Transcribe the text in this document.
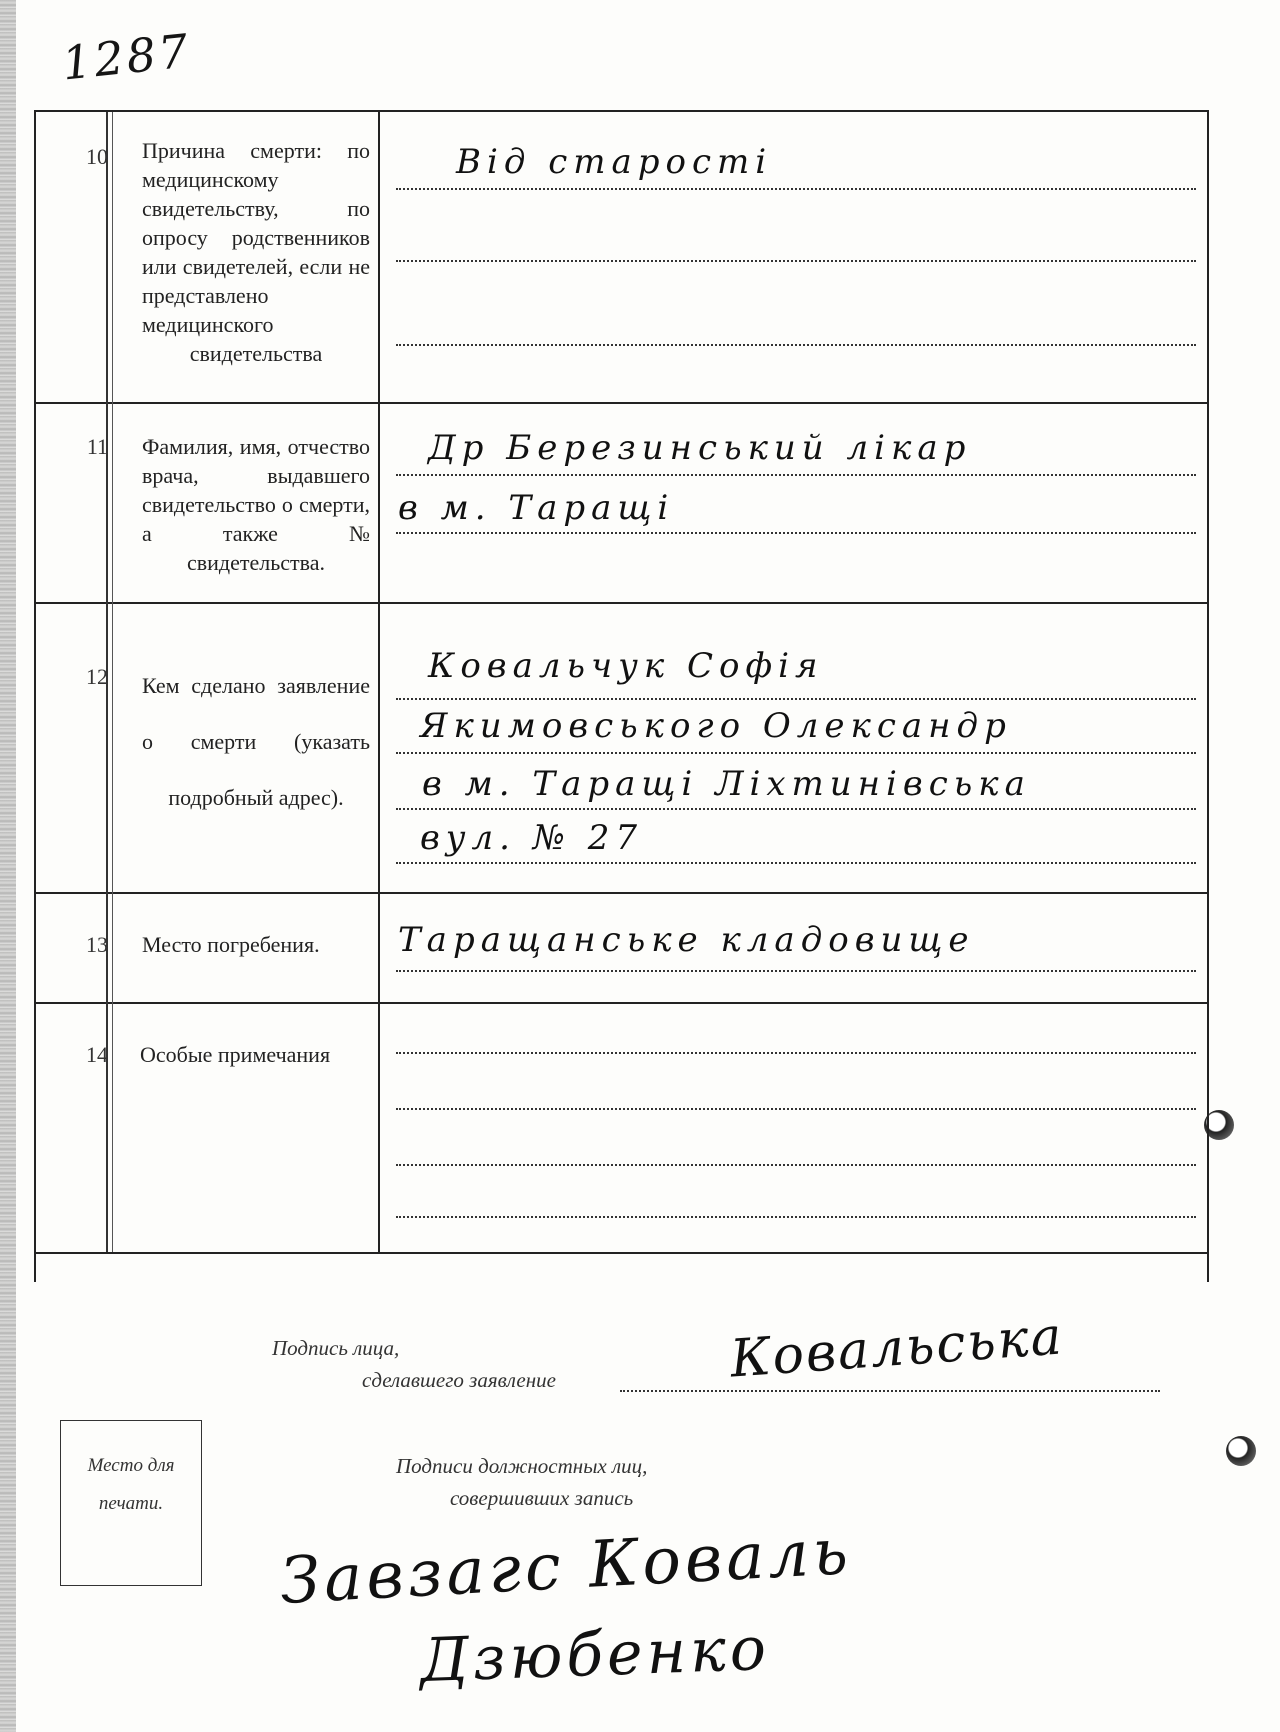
1287
10 Причина смерти: по медицинскому свидетельству, по опросу родственников или свидетелей, если не представлено медицинского свидетельства
Від старості
11 Фамилия, имя, отчество врача, выдавшего свидетельство о смерти, а также № свидетельства.
Др Березинський лікар
в м. Таращі
12 Кем сделано заявление о смерти (указать подробный адрес).
Ковальчук Софія
Якимовського Олександр
в м. Таращі Ліхтинівська
вул. № 27
13 Место погребения.	Таращанське кладовище
14 Особые примечания
Подпись лица,
сделавшего заявление	Ковальська
Место для
печати.
Подписи должностных лиц,
совершивших запись
Завзагс Коваль
Дзюбенко
